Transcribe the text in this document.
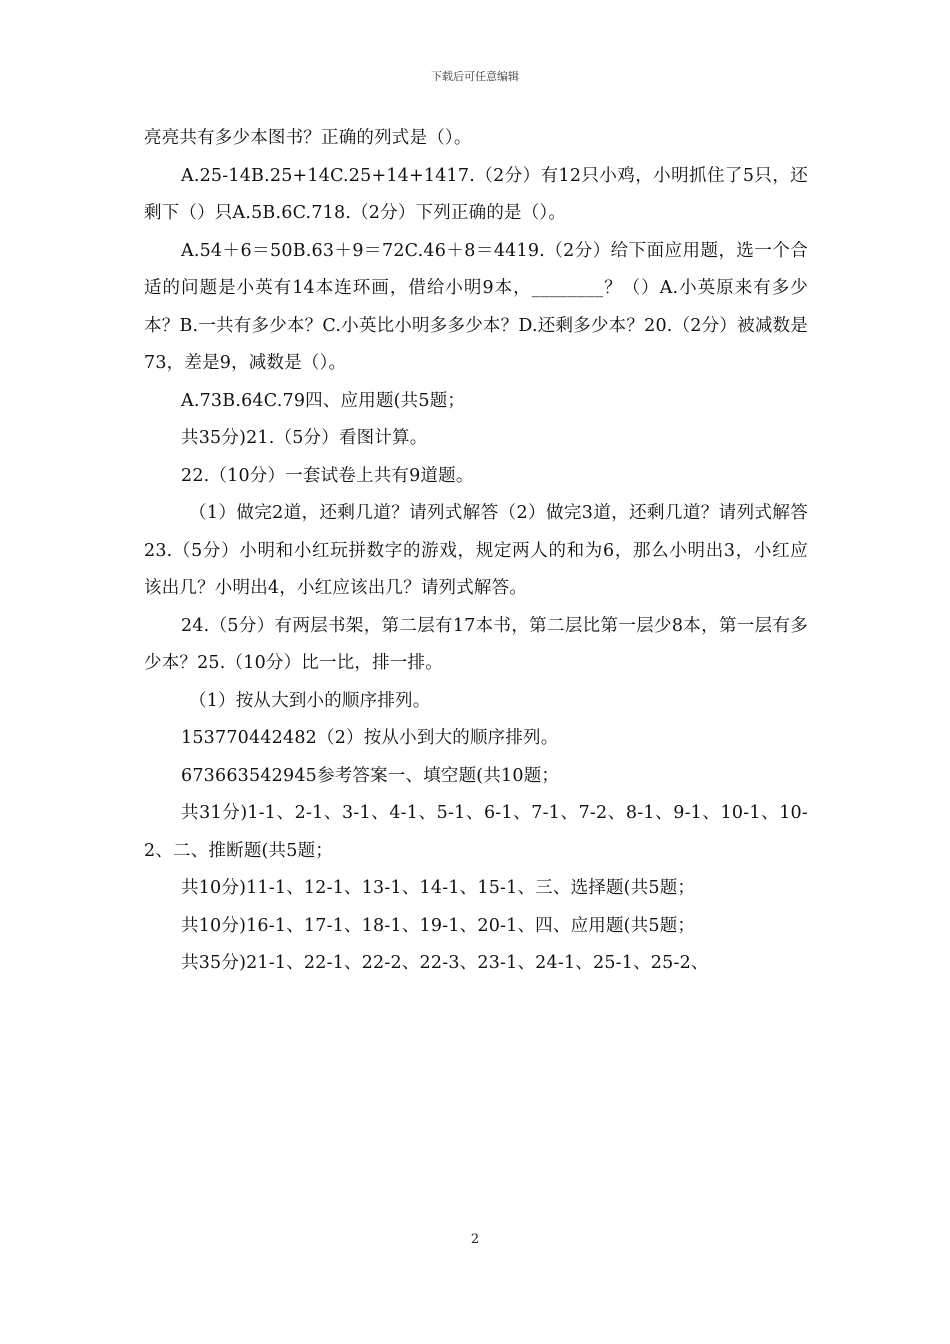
下载后可任意编辑

亮亮共有多少本图书？正确的列式是（）。

A.25-14B.25+14C.25+14+1417.（2分）有12只小鸡，小明抓住了5只，还剩下（）只A.5B.6C.718.（2分）下列正确的是（）。

A.54＋6＝50B.63＋9＝72C.46＋8＝4419.（2分）给下面应用题，选一个合适的问题是小英有14本连环画，借给小明9本，________？（）A.小英原来有多少本？B.一共有多少本？C.小英比小明多多少本？D.还剩多少本？20.（2分）被减数是73，差是9，减数是（）。

A.73B.64C.79四、应用题(共5题；

共35分)21.（5分）看图计算。

22.（10分）一套试卷上共有9道题。

（1）做完2道，还剩几道？请列式解答（2）做完3道，还剩几道？请列式解答23.（5分）小明和小红玩拼数字的游戏，规定两人的和为6，那么小明出3，小红应该出几？小明出4，小红应该出几？请列式解答。

24.（5分）有两层书架，第二层有17本书，第二层比第一层少8本，第一层有多少本？25.（10分）比一比，排一排。

（1）按从大到小的顺序排列。

153770442482（2）按从小到大的顺序排列。

673663542945参考答案一、填空题(共10题；

共31分)1-1、2-1、3-1、4-1、5-1、6-1、7-1、7-2、8-1、9-1、10-1、10-2、二、推断题(共5题；

共10分)11-1、12-1、13-1、14-1、15-1、三、选择题(共5题；

共10分)16-1、17-1、18-1、19-1、20-1、四、应用题(共5题；

共35分)21-1、22-1、22-2、22-3、23-1、24-1、25-1、25-2、

2
